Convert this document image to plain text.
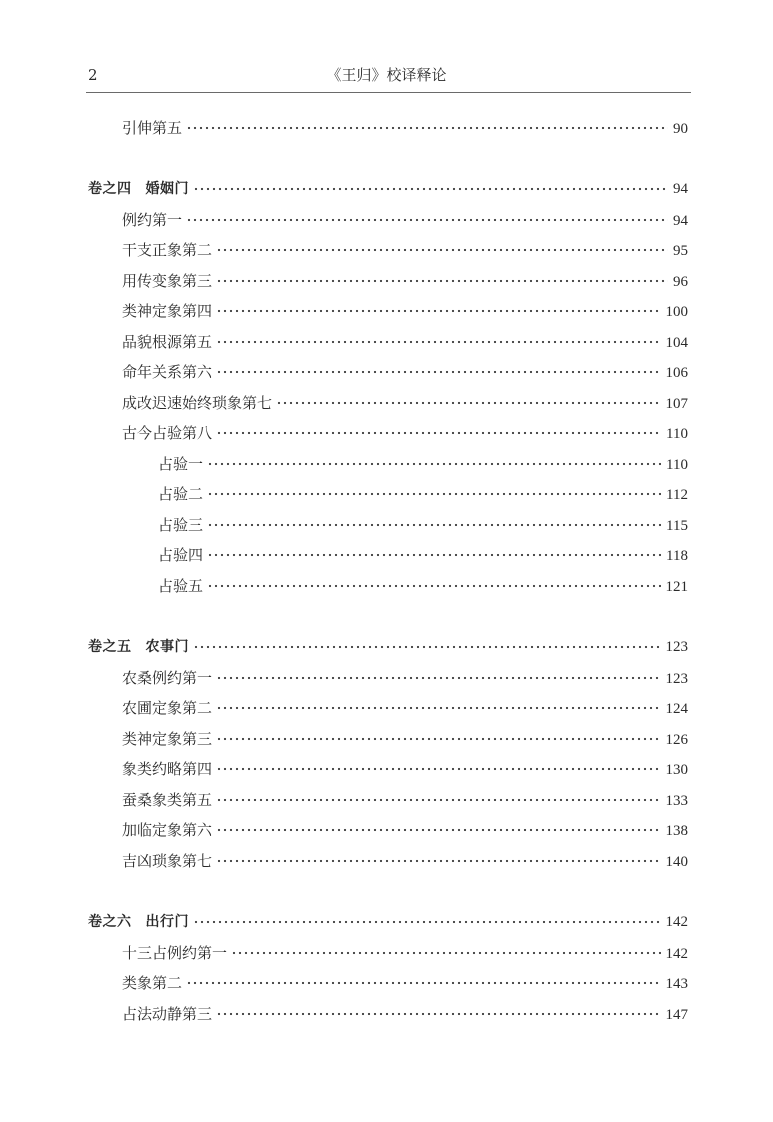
2	《王归》校译释论
引伸第五	90
卷之四 婚姻门	94
例约第一	94
干支正象第二	95
用传变象第三	96
类神定象第四	100
品貌根源第五	104
命年关系第六	106
成改迟速始终琐象第七	107
古今占验第八	110
占验一	110
占验二	112
占验三	115
占验四	118
占验五	121
卷之五 农事门	123
农桑例约第一	123
农圃定象第二	124
类神定象第三	126
象类约略第四	130
蚕桑象类第五	133
加临定象第六	138
吉凶琐象第七	140
卷之六 出行门	142
十三占例约第一	142
类象第二	143
占法动静第三	147
